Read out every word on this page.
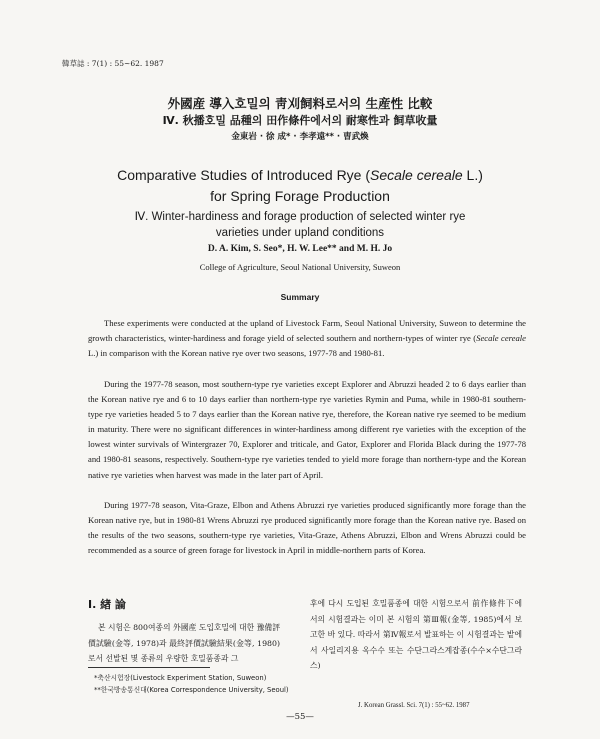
韓草誌 : 7(1) : 55~62. 1987
外國産 導入호밀의 靑刈飼料로서의 生産性 比較
Ⅳ. 秋播호밀 品種의 田作條件에서의 耐寒性과 飼草收量
金東岩 · 徐 成* · 李孝遠** · 曺武煥
Comparative Studies of Introduced Rye (Secale cereale L.)
for Spring Forage Production
Ⅳ. Winter-hardiness and forage production of selected winter rye
varieties under upland conditions
D. A. Kim, S. Seo*, H. W. Lee** and M. H. Jo
College of Agriculture, Seoul National University, Suweon
Summary

These experiments were conducted at the upland of Livestock Farm, Seoul National University, Suweon to determine the growth characteristics, winter-hardiness and forage yield of selected southern and northern-types of winter rye (Secale cereale L.) in comparison with the Korean native rye over two seasons, 1977-78 and 1980-81.

During the 1977-78 season, most southern-type rye varieties except Explorer and Abruzzi headed 2 to 6 days earlier than the Korean native rye and 6 to 10 days earlier than northern-type rye varieties Rymin and Puma, while in 1980-81 southern-type rye varieties headed 5 to 7 days earlier than the Korean native rye, therefore, the Korean native rye seemed to be medium in maturity. There were no significant differences in winter-hardiness among different rye varieties with the exception of the lowest winter survivals of Wintergrazer 70, Explorer and triticale, and Gator, Explorer and Florida Black during the 1977-78 and 1980-81 seasons, respectively. Southern-type rye varieties tended to yield more forage than northern-type and the Korean native rye varieties when harvest was made in the later part of April.

During 1977-78 season, Vita-Graze, Elbon and Athens Abruzzi rye varieties produced significantly more forage than the Korean native rye, but in 1980-81 Wrens Abruzzi rye produced significantly more forage than the Korean native rye. Based on the results of the two seasons, southern-type rye varieties, Vita-Graze, Athens Abruzzi, Elbon and Wrens Abruzzi could be recommended as a source of green forage for livestock in April in middle-northern parts of Korea.

Ⅰ. 緖 論

본 시험은 800여종의 外國産 도입호밀에 대한 豫備評價試驗(金等, 1978)과 最終評價試驗結果(金等, 1980)로서 선발된 몇 종류의 우량한 호밀품종과 그

후에 다시 도입된 호밀품종에 대한 시험으로서 前作條件下에서의 시험결과는 이미 본 시험의 第Ⅲ報(金等, 1985)에서 보고한 바 있다. 따라서 第Ⅳ報로서 발표하는 이 시험결과는 밭에서 사일리지용 옥수수 또는 수단그라스계잡종(수수×수단그라스)

*축산시험장(Livestock Experiment Station, Suweon)
**한국방송통신대(Korea Correspondence University, Seoul)
J. Korean Grassl. Sci. 7(1) : 55~62. 1987
—55—
